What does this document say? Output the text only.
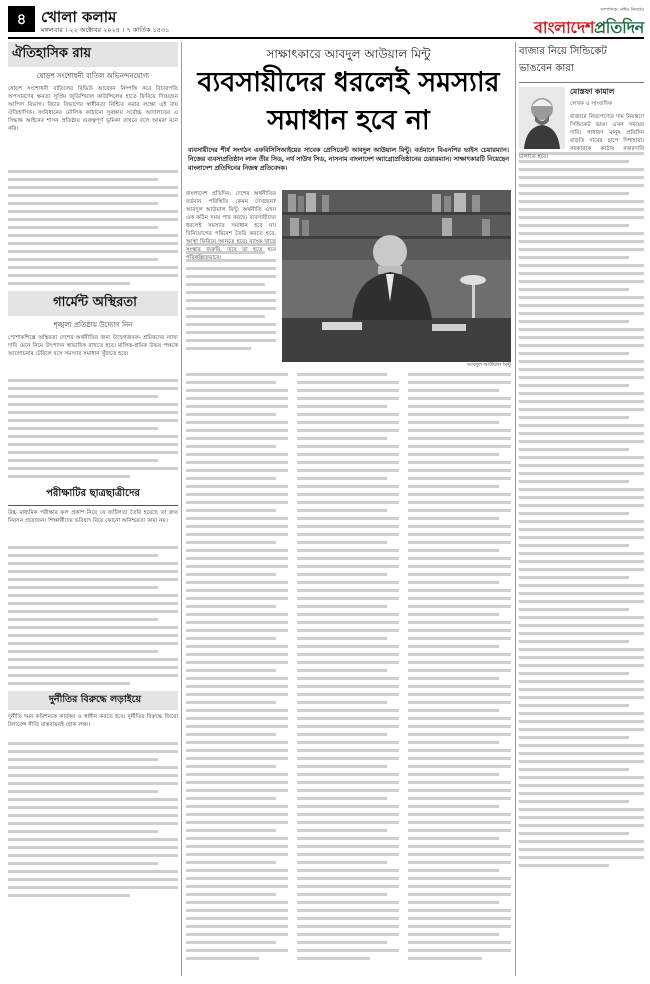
৪ খোলা কলাম
মঙ্গলবার । ২২ অক্টোবর ২০২৪ । ৭ কার্তিক ১৪৩১
সম্পাদক: নঈম নিজাম
বাংলাদেশপ্রতিদিন
ঐতিহাসিক রায়
ষোড়শ সংশোধনী বাতিল অভিনন্দনযোগ্য
ষোড়শ সংশোধনী বাতিলের রিভিউ আবেদন নিষ্পত্তি করে বিচারপতি অপসারণের ক্ষমতা সুপ্রিম জুডিশিয়াল কাউন্সিলের হাতে ফিরিয়ে দিয়েছেন আপিল বিভাগ। বিচার বিভাগের স্বাধীনতা নিশ্চিত করার লক্ষ্যে এই রায় ঐতিহাসিক। সংবিধানের মৌলিক কাঠামো সুরক্ষায় সর্বোচ্চ আদালতের এ সিদ্ধান্ত আইনের শাসন প্রতিষ্ঠায় গুরুত্বপূর্ণ ভূমিকা রাখবে বলে আমরা মনে করি।
গার্মেন্ট অস্থিরতা
শৃঙ্খলা প্রতিষ্ঠায় উদ্যোগ নিন
পোশাকশিল্পে অস্থিরতা দেশের অর্থনীতির জন্য উদ্বেগজনক। শ্রমিকদের ন্যায্য দাবি মেনে নিয়ে উৎপাদন স্বাভাবিক রাখতে হবে। মালিক-শ্রমিক উভয় পক্ষকে আলোচনার টেবিলে বসে সমস্যার সমাধান খুঁজতে হবে।
পরীক্ষাটির ছাত্রছাত্রীদের
উচ্চ মাধ্যমিক পরীক্ষার ফল প্রকাশ নিয়ে যে জটিলতা তৈরি হয়েছে তা দ্রুত নিরসন প্রয়োজন। শিক্ষার্থীদের ভবিষ্যৎ নিয়ে কোনো অনিশ্চয়তা কাম্য নয়।
দুর্নীতির বিরুদ্ধে লড়াইয়ে
দুর্নীতি দমন কমিশনকে কার্যকর ও স্বাধীন করতে হবে। দুর্নীতির বিরুদ্ধে জিরো টলারেন্স নীতি বাস্তবায়নই হোক লক্ষ্য।
সাক্ষাৎকারে আবদুল আউয়াল মিন্টু
ব্যবসায়ীদের ধরলেই সমস্যার
সমাধান হবে না
ব্যবসায়ীদের শীর্ষ সংগঠন এফবিসিসিআইয়ের সাবেক প্রেসিডেন্ট আবদুল আউয়াল মিন্টু। বর্তমানে বিএনপির ভাইস চেয়ারম্যান। নিজের ব্যবসাপ্রতিষ্ঠান লাল তীর সিড, নর্থ সাউথ সিড, নাসনাম বাংলাদেশ অ্যাগ্রোপ্রতিষ্ঠানের চেয়ারম্যান। সাক্ষাৎকারটি নিয়েছেন বাংলাদেশ প্রতিদিনের নিজস্ব প্রতিবেদক।
বাংলাদেশ প্রতিদিন: দেশের অর্থনীতির বর্তমান পরিস্থিতি কেমন দেখছেন? আবদুল আউয়াল মিন্টু: অর্থনীতি এখন এক কঠিন সময় পার করছে। ব্যবসায়ীদের ধরলেই সমস্যার সমাধান হবে না। বিনিয়োগের পরিবেশ তৈরি করতে হবে, আস্থা ফিরিয়ে আনতে হবে। ব্যাংক খাতে সংস্কার জরুরি, তবে তা হতে হবে পরিকল্পিতভাবে।
আবদুল আউয়াল মিন্টু
বাজার নিয়ে সিন্ডিকেট
ভাঙবেন কারা
মোস্তফা কামাল
লেখক ও সাংবাদিক
বাজারে নিত্যপণ্যের দাম নিয়ন্ত্রণে সিন্ডিকেট ভাঙা এখন সময়ের দাবি। সাধারণ মানুষ প্রতিদিন বাড়তি দামের চাপে দিশাহারা। সরকারকে কঠোর নজরদারি চালাতে হবে।
